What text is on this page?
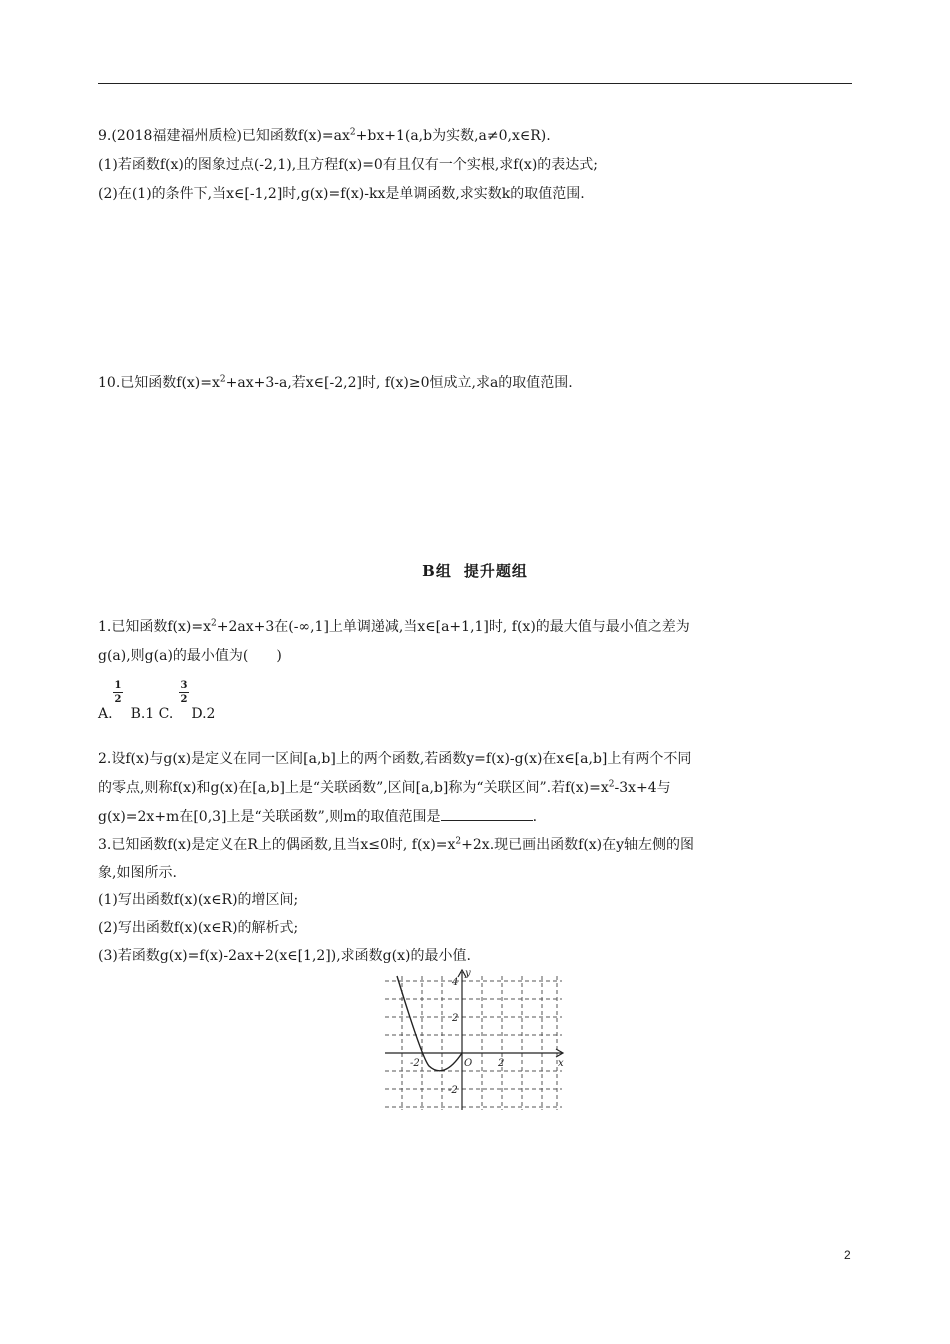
9.(2018福建福州质检)已知函数$f(x)=ax^2+bx+1(a,b$为实数,a≠0,x∈R).
(1)若函数f(x)的图象过点(-2,1),且方程f(x)=0有且仅有一个实根,求f(x)的表达式;
(2)在(1)的条件下,当x∈[-1,2]时,g(x)=f(x)-kx是单调函数,求实数k的取值范围.
10.已知函数$f(x)=x^2+ax+3-a$,若x∈[-2,2]时, f(x)≥0恒成立,求a的取值范围.
B组 提升题组
1.已知函数$f(x)=x^2+2ax+3$在(-∞,1]上单调递减,当x∈[a+1,1]时, f(x)的最大值与最小值之差为
g(a),则g(a)的最小值为(　　)
1
2
3
2
A. B.1 C. D.2
2.设f(x)与g(x)是定义在同一区间[a,b]上的两个函数,若函数y=f(x)-g(x)在x∈[a,b]上有两个不同
的零点,则称f(x)和g(x)在[a,b]上是“关联函数”,区间[a,b]称为“关联区间”.若$f(x)=x^2-3x+4$与
g(x)=2x+m在[0,3]上是“关联函数”,则m的取值范围是	.
3.已知函数f(x)是定义在R上的偶函数,且当x≤0时, $f(x)=x^2+2x$.现已画出函数f(x)在y轴左侧的图
象,如图所示.
(1)写出函数f(x)(x∈R)的增区间;
(2)写出函数f(x)(x∈R)的解析式;
(3)若函数g(x)=f(x)-2ax+2(x∈[1,2]),求函数g(x)的最小值.
y
x
O
4
2
-2
-2	2
2
